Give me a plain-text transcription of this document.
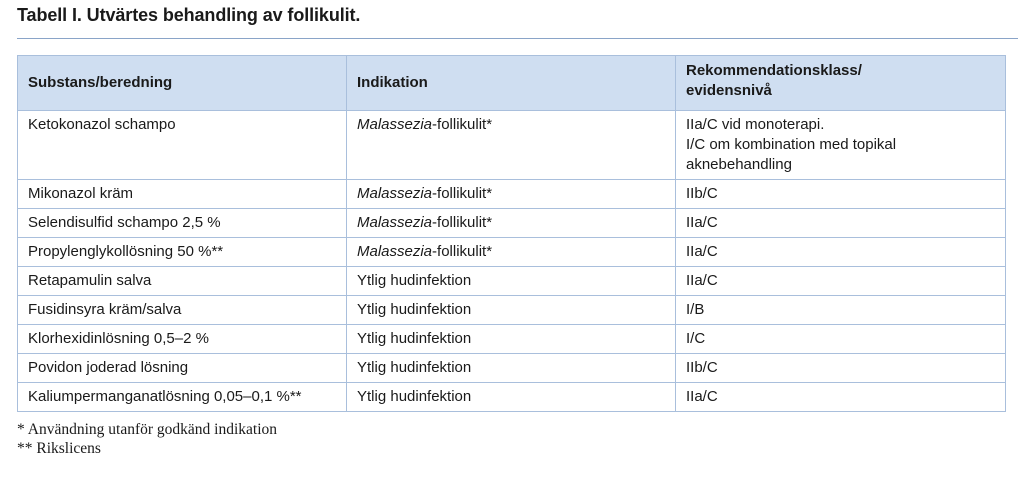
Tabell I. Utvärtes behandling av follikulit.
Substans/beredning	Indikation	Rekommendationsklass/
evidensnivå

Ketokonazol schampo	Malassezia-follikulit*	IIa/C vid monoterapi.
I/C om kombination med topikal
aknebehandling

Mikonazol kräm	Malassezia-follikulit*	IIb/C

Selendisulfid schampo 2,5 %	Malassezia-follikulit*	IIa/C

Propylenglykollösning 50 %**	Malassezia-follikulit*	IIa/C

Retapamulin salva	Ytlig hudinfektion	IIa/C

Fusidinsyra kräm/salva	Ytlig hudinfektion	I/B

Klorhexidinlösning 0,5–2 %	Ytlig hudinfektion	I/C

Povidon joderad lösning	Ytlig hudinfektion	IIb/C

Kaliumpermanganatlösning 0,05–0,1 %**	Ytlig hudinfektion	IIa/C
* Användning utanför godkänd indikation
** Rikslicens
